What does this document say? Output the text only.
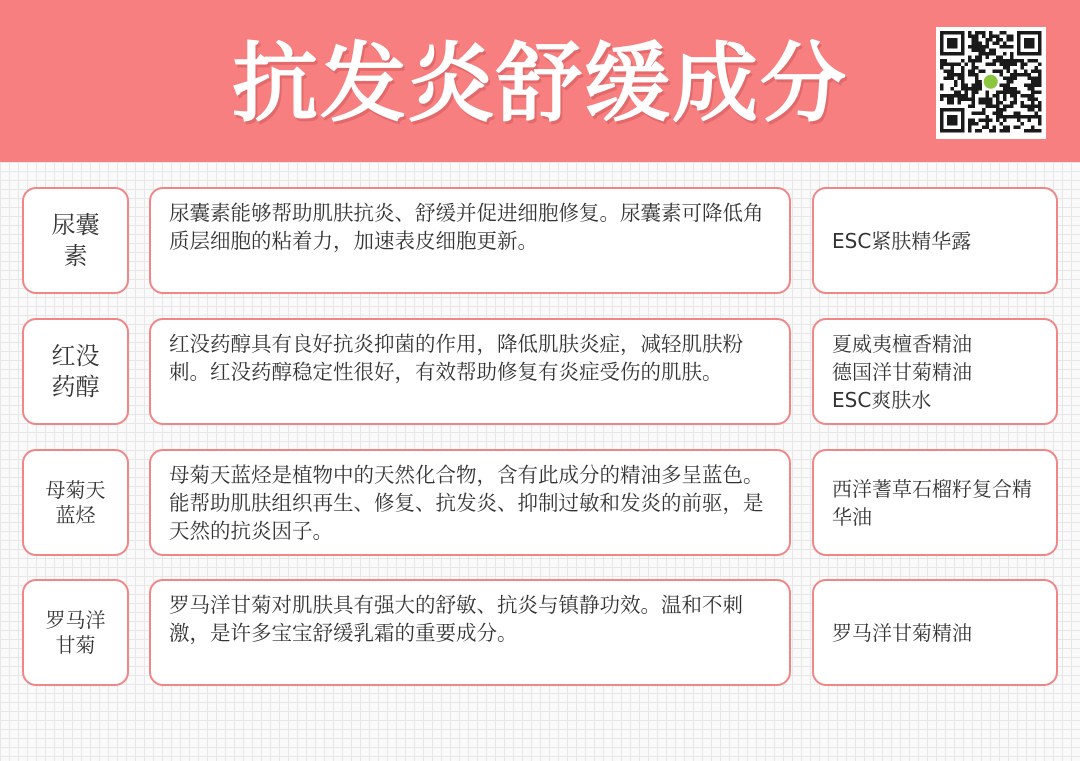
抗发炎舒缓成分
尿囊素
尿囊素能够帮助肌肤抗炎、舒缓并促进细胞修复。尿囊素可降低角质层细胞的粘着力，加速表皮细胞更新。	ESC紧肤精华露
红没药醇
红没药醇具有良好抗炎抑菌的作用，降低肌肤炎症，减轻肌肤粉刺。红没药醇稳定性很好，有效帮助修复有炎症受伤的肌肤。
夏威夷檀香精油
德国洋甘菊精油
ESC爽肤水
母菊天蓝烃
母菊天蓝烃是植物中的天然化合物，含有此成分的精油多呈蓝色。能帮助肌肤组织再生、修复、抗发炎、抑制过敏和发炎的前驱，是天然的抗炎因子。
西洋蓍草石榴籽复合精华油
罗马洋甘菊
罗马洋甘菊对肌肤具有强大的舒敏、抗炎与镇静功效。温和不刺激，是许多宝宝舒缓乳霜的重要成分。	罗马洋甘菊精油
